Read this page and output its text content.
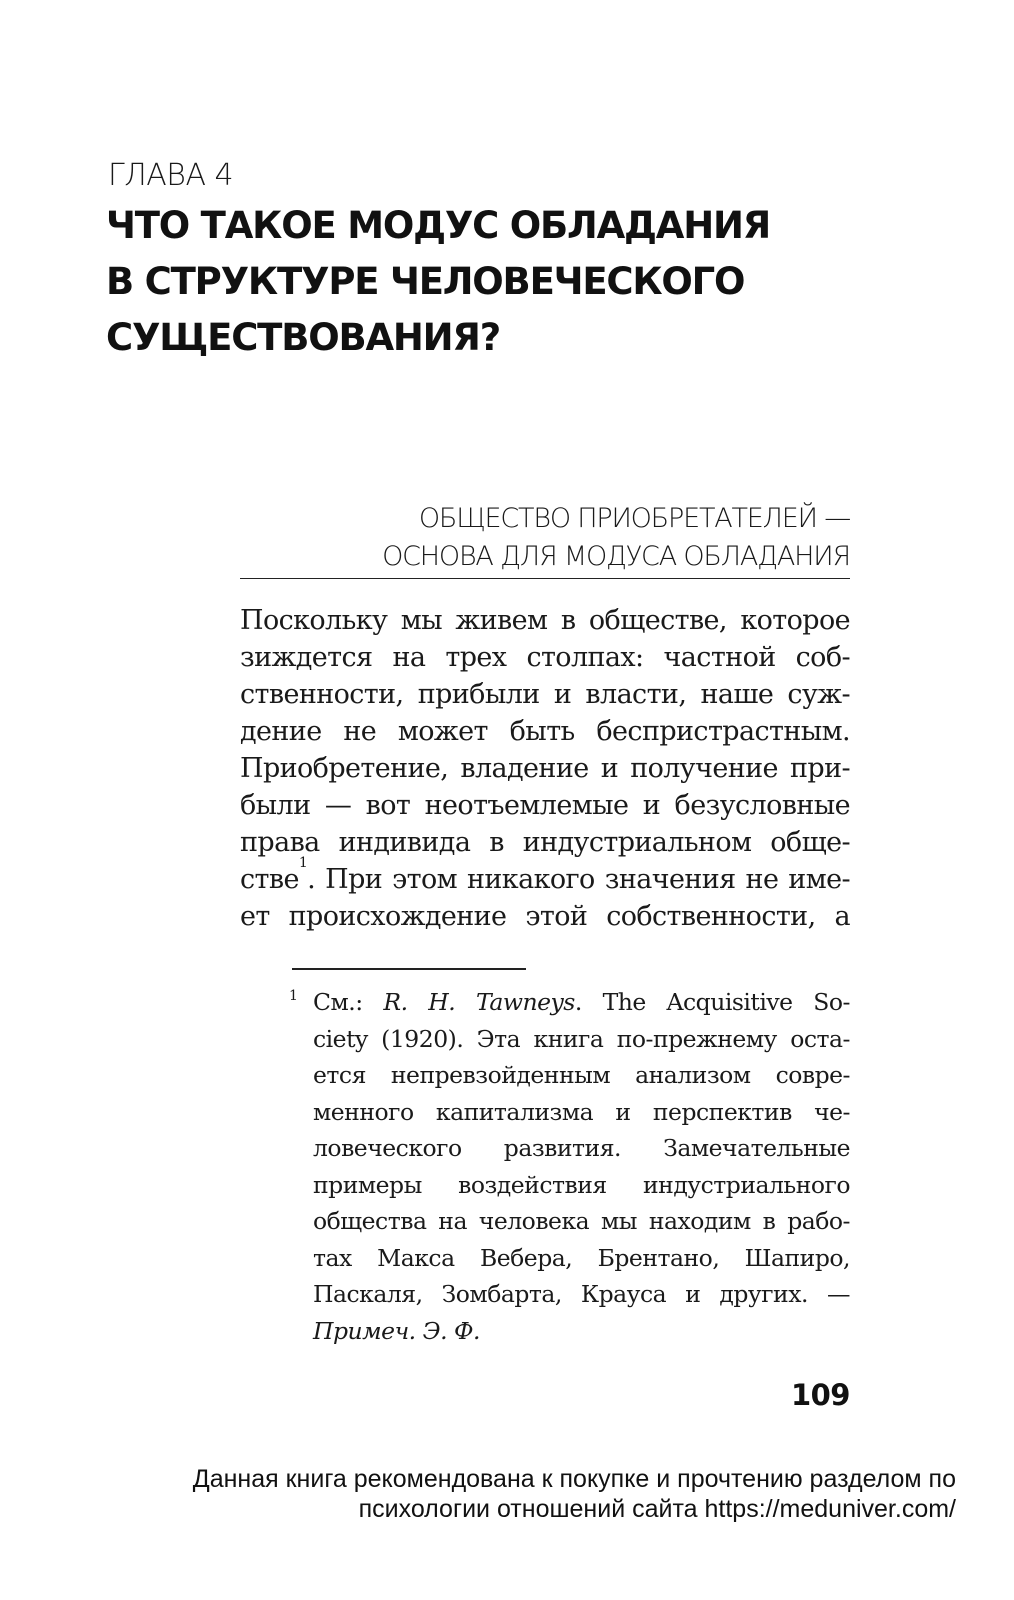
ГЛАВА 4
ЧТО ТАКОЕ МОДУС ОБЛАДАНИЯ
В СТРУКТУРЕ ЧЕЛОВЕЧЕСКОГО
СУЩЕСТВОВАНИЯ?
ОБЩЕСТВО ПРИОБРЕТАТЕЛЕЙ —
ОСНОВА ДЛЯ МОДУСА ОБЛАДАНИЯ
Поскольку мы живем в обществе, которое
зиждется на трех столпах: частной соб-
ственности, прибыли и власти, наше суж-
дение не может быть беспристрастным.
Приобретение, владение и получение при-
были — вот неотъемлемые и безусловные
права индивида в индустриальном обще-
стве$^1$. При этом никакого значения не име-
ет происхождение этой собственности, а
1 См.: R. H. Tawneys. The Acquisitive So-
ciety (1920). Эта книга по-прежнему оста-
ется непревзойденным анализом совре-
менного капитализма и перспектив че-
ловеческого развития. Замечательные
примеры воздействия индустриального
общества на человека мы находим в рабо-
тах Макса Вебера, Брентано, Шапиро,
Паскаля, Зомбарта, Крауса и других. —
Примеч. Э. Ф.
109
Данная книга рекомендована к покупке и прочтению разделом по
психологии отношений сайта https://meduniver.com/
